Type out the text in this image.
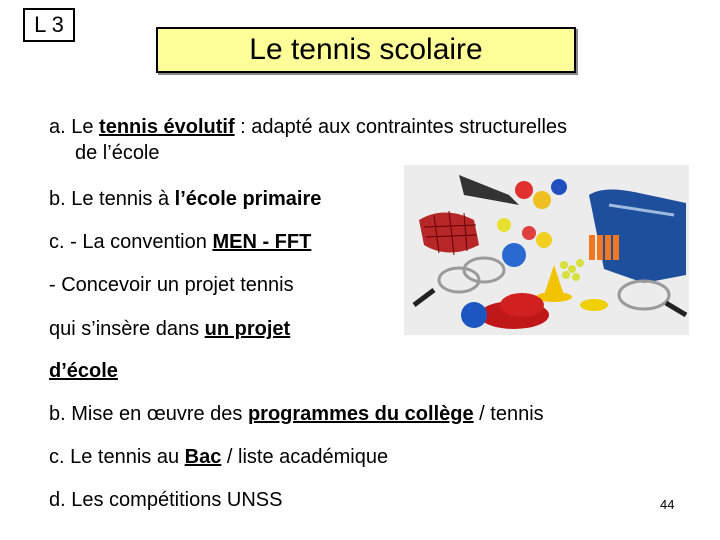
L 3
Le tennis scolaire
a. Le tennis évolutif : adapté aux contraintes structurelles
de l’école
b. Le tennis à l’école primaire
c. - La convention MEN - FFT
- Concevoir un projet tennis
qui s’insère dans un projet
d’école
b. Mise en œuvre des programmes du collège / tennis
c. Le tennis au Bac / liste académique
d. Les compétitions UNSS	44
